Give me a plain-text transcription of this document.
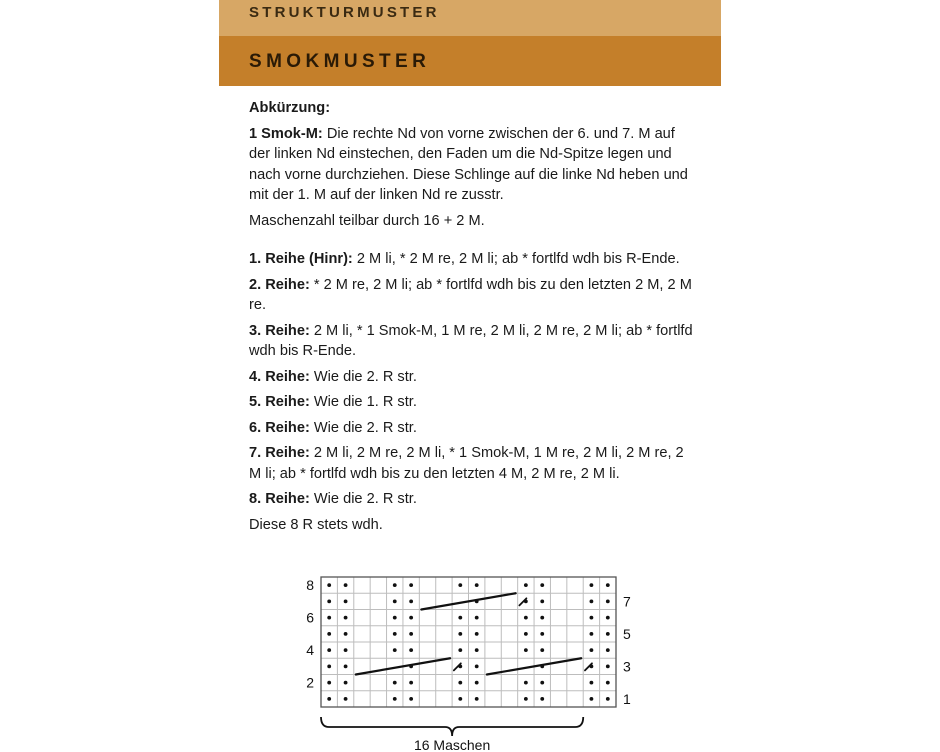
STRUKTURMUSTER
SMOKMUSTER

Abkürzung:

1 Smok-M: Die rechte Nd von vorne zwischen der 6. und 7. M auf der linken Nd einstechen, den Faden um die Nd-Spitze legen und nach vorne durchziehen. Diese Schlinge auf die linke Nd heben und mit der 1. M auf der linken Nd re zusstr.

Maschenzahl teilbar durch 16 + 2 M.

1. Reihe (Hinr): 2 M li, * 2 M re, 2 M li; ab * fortlfd wdh bis R-Ende.

2. Reihe: * 2 M re, 2 M li; ab * fortlfd wdh bis zu den letzten 2 M, 2 M re.

3. Reihe: 2 M li, * 1 Smok-M, 1 M re, 2 M li, 2 M re, 2 M li; ab * fortlfd wdh bis R-Ende.

4. Reihe: Wie die 2. R str.

5. Reihe: Wie die 1. R str.

6. Reihe: Wie die 2. R str.

7. Reihe: 2 M li, 2 M re, 2 M li, * 1 Smok-M, 1 M re, 2 M li, 2 M re, 2 M li; ab * fortlfd wdh bis zu den letzten 4 M, 2 M re, 2 M li.

8. Reihe: Wie die 2. R str.

Diese 8 R stets wdh.

2
4
6
8
1
3
5
7
16 Maschen
